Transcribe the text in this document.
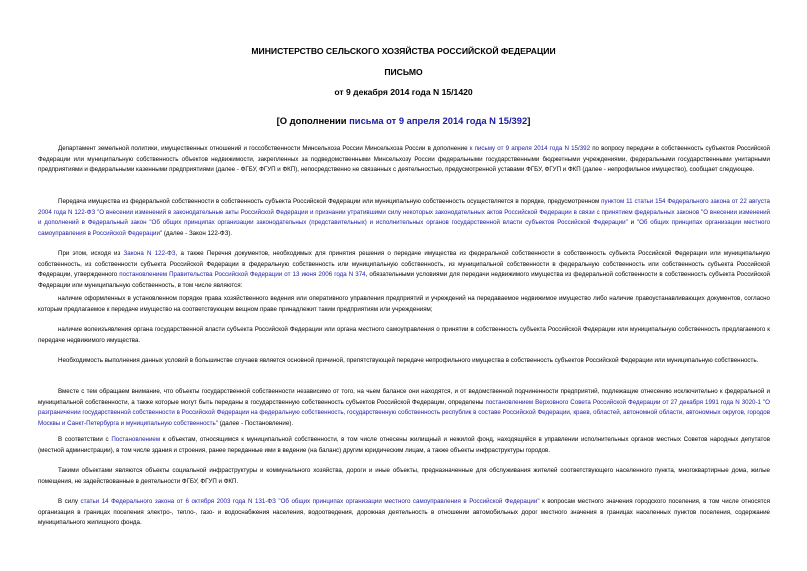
МИНИСТЕРСТВО СЕЛЬСКОГО ХОЗЯЙСТВА РОССИЙСКОЙ ФЕДЕРАЦИИ
ПИСЬМО
от 9 декабря 2014 года N 15/1420
[О дополнении письма от 9 апреля 2014 года N 15/392]

Департамент земельной политики, имущественных отношений и госсобственности Минсельхоза России Минсельхоза России в дополнение к письму от 9 апреля 2014 года N 15/392 по вопросу передачи в собственность субъектов Российской Федерации или муниципальную собственность объектов недвижимости, закрепленных за подведомственными Минсельхозу России федеральными государственными бюджетными учреждениями, федеральными государственными унитарными предприятиями и федеральными казенными предприятиями (далее - ФГБУ, ФГУП и ФКП), непосредственно не связанных с деятельностью, предусмотренной уставами ФГБУ, ФГУП и ФКП (далее - непрофильное имущество), сообщает следующее.

Передача имущества из федеральной собственности в собственность субъекта Российской Федерации или муниципальную собственность осуществляется в порядке, предусмотренном пунктом 11 статьи 154 Федерального закона от 22 августа 2004 года N 122-ФЗ "О внесении изменений в законодательные акты Российской Федерации и признании утратившими силу некоторых законодательных актов Российской Федерации в связи с принятием федеральных законов "О внесении изменений и дополнений в Федеральный закон "Об общих принципах организации законодательных (представительных) и исполнительных органов государственной власти субъектов Российской Федерации" и "Об общих принципах организации местного самоуправления в Российской Федерации" (далее - Закон 122-ФЗ).

При этом, исходя из Закона N 122-ФЗ, а также Перечня документов, необходимых для принятия решения о передаче имущества из федеральной собственности в собственность субъекта Российской Федерации или муниципальную собственность, из собственности субъекта Российской Федерации в федеральную собственность или муниципальную собственность, из муниципальной собственности в федеральную собственность или собственность субъекта Российской Федерации, утвержденного постановлением Правительства Российской Федерации от 13 июня 2006 года N 374, обязательными условиями для передачи недвижимого имущества из федеральной собственности в собственность субъекта Российской Федерации или муниципальную собственность, в том числе являются:

наличие оформленных в установленном порядке права хозяйственного ведения или оперативного управления предприятий и учреждений на передаваемое недвижимое имущество либо наличие правоустанавливающих документов, согласно которым предлагаемое к передаче имущество на соответствующем вещном праве принадлежит таким предприятиям или учреждениям;

наличие волеизъявления органа государственной власти субъекта Российской Федерации или органа местного самоуправления о принятии в собственность субъекта Российской Федерации или муниципальную собственность предлагаемого к передаче недвижимого имущества.

Необходимость выполнения данных условий в большинстве случаев является основной причиной, препятствующей передаче непрофильного имущества в собственность субъектов Российской Федерации или муниципальную собственность.

Вместе с тем обращаем внимание, что объекты государственной собственности независимо от того, на чьем балансе они находятся, и от ведомственной подчиненности предприятий, подлежащие отнесению исключительно к федеральной и муниципальной собственности, а также которые могут быть переданы в государственную собственность субъектов Российской Федерации, определены постановлением Верховного Совета Российской Федерации от 27 декабря 1991 года N 3020-1 "О разграничении государственной собственности в Российской Федерации на федеральную собственность, государственную собственность республик в составе Российской Федерации, краев, областей, автономной области, автономных округов, городов Москвы и Санкт-Петербурга и муниципальную собственность" (далее - Постановление).

В соответствии с Постановлением к объектам, относящимся к муниципальной собственности, в том числе отнесены жилищный и нежилой фонд, находящийся в управлении исполнительных органов местных Советов народных депутатов (местной администрации), в том числе здания и строения, ранее переданные ими в ведение (на баланс) другим юридическим лицам, а также объекты инфраструктуры городов.

Такими объектами являются объекты социальной инфраструктуры и коммунального хозяйства, дороги и иные объекты, предназначенные для обслуживания жителей соответствующего населенного пункта, многоквартирные дома, жилые помещения, не задействованные в деятельности ФГБУ, ФГУП и ФКП.

В силу статьи 14 Федерального закона от 6 октября 2003 года N 131-ФЗ "Об общих принципах организации местного самоуправления в Российской Федерации" к вопросам местного значения городского поселения, в том числе относятся организация в границах поселения электро-, тепло-, газо- и водоснабжения населения, водоотведения, дорожная деятельность в отношении автомобильных дорог местного значения в границах населенных пунктов поселения, содержание муниципального жилищного фонда.
